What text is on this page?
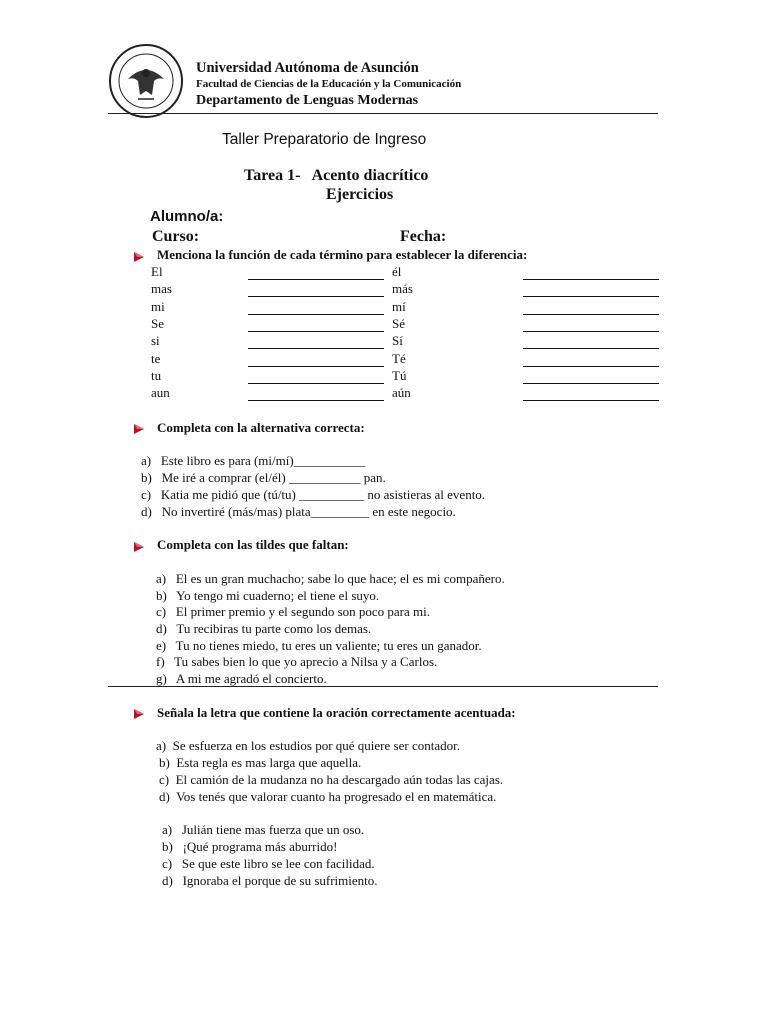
Universidad Autónoma de Asunción
Facultad de Ciencias de la Educación y la Comunicación
Departamento de Lenguas Modernas
Taller Preparatorio de Ingreso
Tarea 1-   Acento diacrítico
Ejercicios
Alumno/a:
Curso:	Fecha:
Menciona la función de cada término para establecer la diferencia:
El	él
mas	más
mi	mí
Se	Sé
si	Sí
te	Té
tu	Tú
aun	aún
Completa con la alternativa correcta:
a)   Este libro es para (mi/mí)___________
b)   Me iré a comprar (el/él) ___________ pan.
c)   Katia me pidió que (tú/tu) __________ no asistieras al evento.
d)   No invertiré (más/mas) plata_________ en este negocio.
Completa con las tildes que faltan:
a)   El es un gran muchacho; sabe lo que hace; el es mi compañero.
b)   Yo tengo mi cuaderno; el tiene el suyo.
c)   El primer premio y el segundo son poco para mi.
d)   Tu recibiras tu parte como los demas.
e)   Tu no tienes miedo, tu eres un valiente; tu eres un ganador.
f)   Tu sabes bien lo que yo aprecio a Nilsa y a Carlos.
g)   A mi me agradó el concierto.
Señala la letra que contiene la oración correctamente acentuada:
a)  Se esfuerza en los estudios por qué quiere ser contador.
b)  Esta regla es mas larga que aquella.
c)  El camión de la mudanza no ha descargado aún todas las cajas.
d)  Vos tenés que valorar cuanto ha progresado el en matemática.
a)   Julián tiene mas fuerza que un oso.
b)   ¡Qué programa más aburrido!
c)   Se que este libro se lee con facilidad.
d)   Ignoraba el porque de su sufrimiento.
